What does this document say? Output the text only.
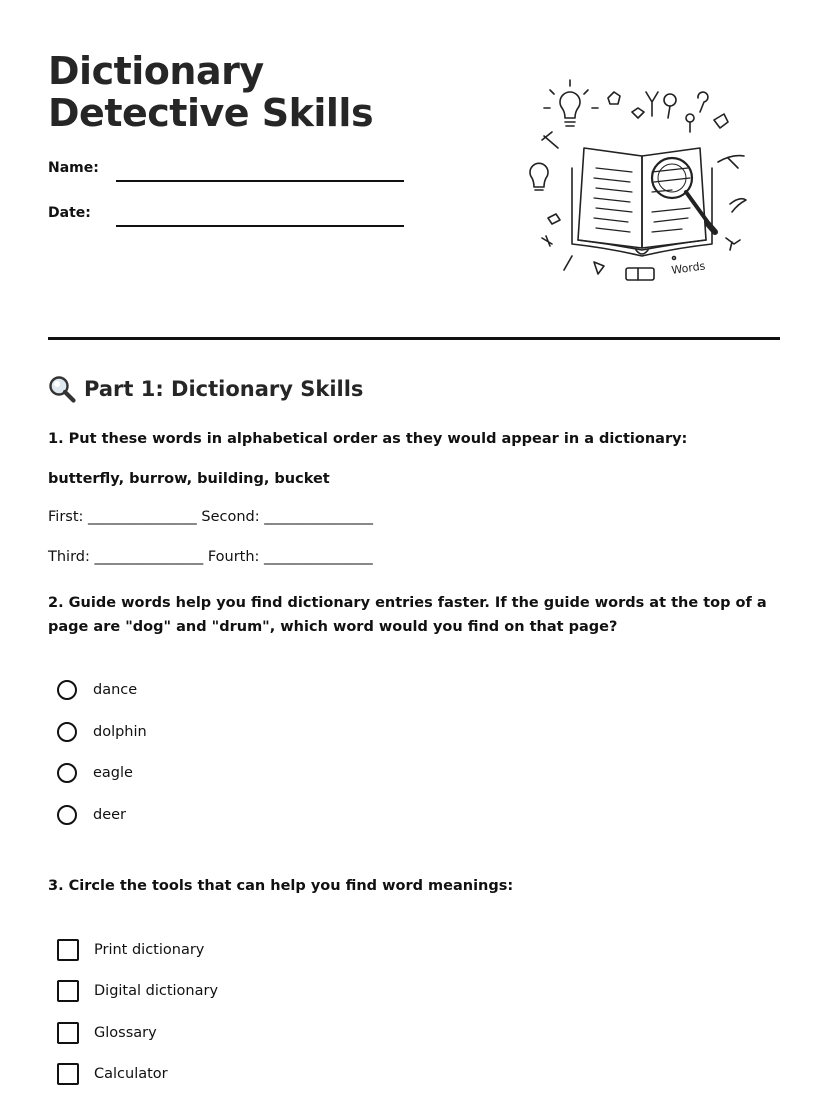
Dictionary Detective Skills
Name:
Date:
Words
Part 1: Dictionary Skills
1. Put these words in alphabetical order as they would appear in a dictionary:
butterfly, burrow, building, bucket
First: _______________ Second: _______________
Third: _______________ Fourth: _______________
2. Guide words help you find dictionary entries faster. If the guide words at the top of a page are "dog" and "drum", which word would you find on that page?
dance
dolphin
eagle
deer
3. Circle the tools that can help you find word meanings:
Print dictionary
Digital dictionary
Glossary
Calculator
